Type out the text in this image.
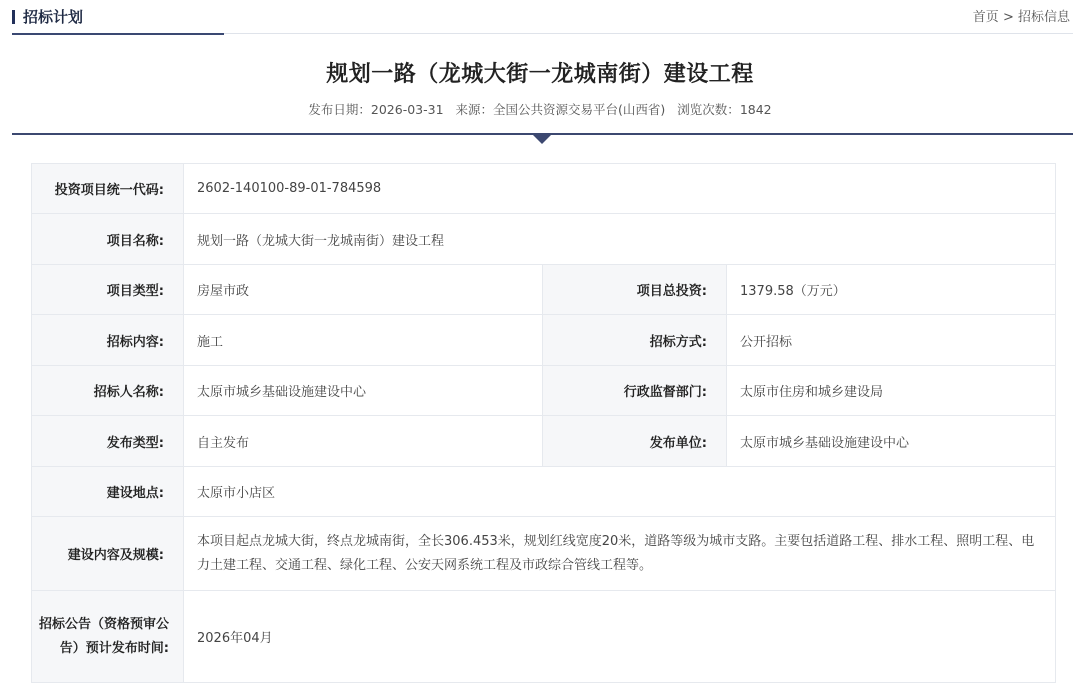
招标计划	首页 > 招标信息
规划一路（龙城大街一龙城南街）建设工程
发布日期：2026-03-31 来源：全国公共资源交易平台(山西省) 浏览次数：1842
投资项目统一代码:	2602-140100-89-01-784598		
项目名称:	规划一路（龙城大街一龙城南街）建设工程		
项目类型:	房屋市政	项目总投资:	1379.58（万元）
招标内容:	施工	招标方式:	公开招标
招标人名称:	太原市城乡基础设施建设中心	行政监督部门:	太原市住房和城乡建设局
发布类型:	自主发布	发布单位:	太原市城乡基础设施建设中心
建设地点:	太原市小店区		
建设内容及规模:	本项目起点龙城大街，终点龙城南街，全长306.453米，规划红线宽度20米，道路等级为城市支路。主要包括道路工程、排水工程、照明工程、电力土建工程、交通工程、绿化工程、公安天网系统工程及市政综合管线工程等。		
招标公告（资格预审公告）预计发布时间:	2026年04月		
